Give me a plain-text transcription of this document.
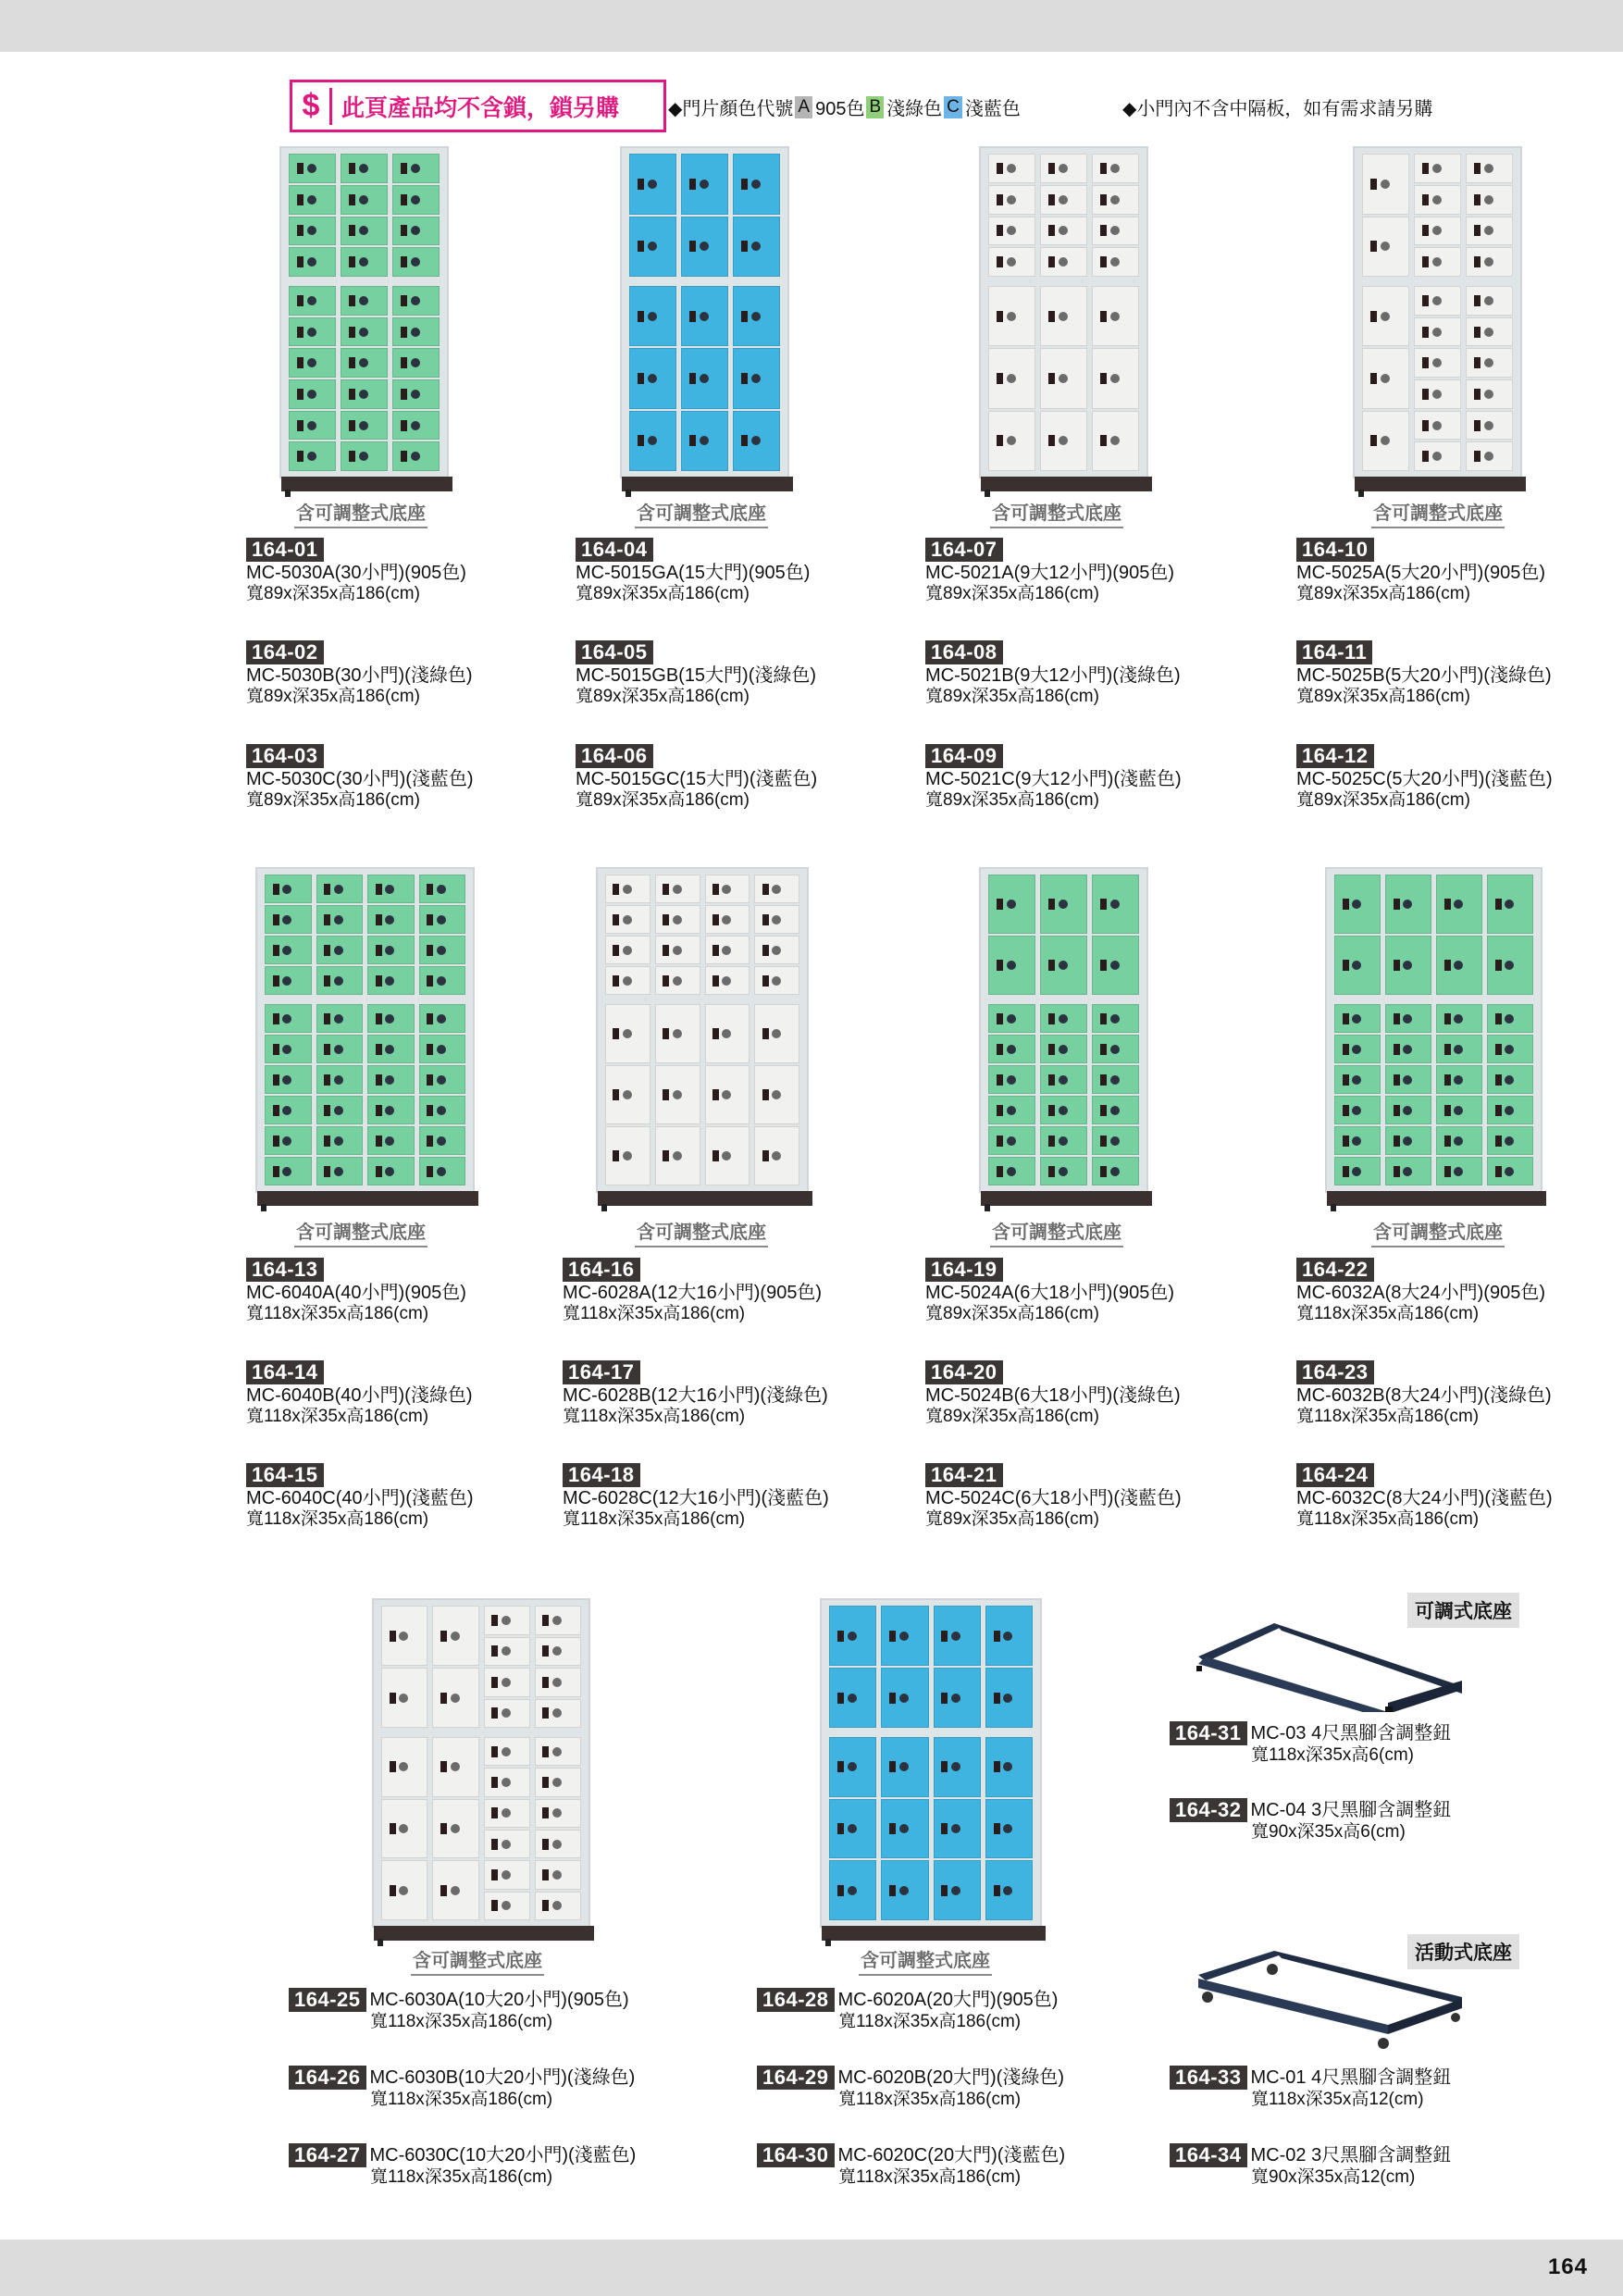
$ 此頁產品均不含鎖，鎖另購	◆門片顏色代號 A 905色 B 淺綠色 C 淺藍色	◆小門內不含中隔板，如有需求請另購
含可調整式底座	含可調整式底座	含可調整式底座	含可調整式底座
含可調整式底座	含可調整式底座	含可調整式底座	含可調整式底座
含可調整式底座	含可調整式底座
164-01
MC-5030A(30小門)(905色)
寬89x深35x高186(cm)
164-02
MC-5030B(30小門)(淺綠色)
寬89x深35x高186(cm)
164-03
MC-5030C(30小門)(淺藍色)
寬89x深35x高186(cm)
164-04
MC-5015GA(15大門)(905色)
寬89x深35x高186(cm)
164-05
MC-5015GB(15大門)(淺綠色)
寬89x深35x高186(cm)
164-06
MC-5015GC(15大門)(淺藍色)
寬89x深35x高186(cm)
164-07
MC-5021A(9大12小門)(905色)
寬89x深35x高186(cm)
164-08
MC-5021B(9大12小門)(淺綠色)
寬89x深35x高186(cm)
164-09
MC-5021C(9大12小門)(淺藍色)
寬89x深35x高186(cm)
164-10
MC-5025A(5大20小門)(905色)
寬89x深35x高186(cm)
164-11
MC-5025B(5大20小門)(淺綠色)
寬89x深35x高186(cm)
164-12
MC-5025C(5大20小門)(淺藍色)
寬89x深35x高186(cm)
164-13
MC-6040A(40小門)(905色)
寬118x深35x高186(cm)
164-14
MC-6040B(40小門)(淺綠色)
寬118x深35x高186(cm)
164-15
MC-6040C(40小門)(淺藍色)
寬118x深35x高186(cm)
164-16
MC-6028A(12大16小門)(905色)
寬118x深35x高186(cm)
164-17
MC-6028B(12大16小門)(淺綠色)
寬118x深35x高186(cm)
164-18
MC-6028C(12大16小門)(淺藍色)
寬118x深35x高186(cm)
164-19
MC-5024A(6大18小門)(905色)
寬89x深35x高186(cm)
164-20
MC-5024B(6大18小門)(淺綠色)
寬89x深35x高186(cm)
164-21
MC-5024C(6大18小門)(淺藍色)
寬89x深35x高186(cm)
164-22
MC-6032A(8大24小門)(905色)
寬118x深35x高186(cm)
164-23
MC-6032B(8大24小門)(淺綠色)
寬118x深35x高186(cm)
164-24
MC-6032C(8大24小門)(淺藍色)
寬118x深35x高186(cm)
164-25 MC-6030A(10大20小門)(905色)
寬118x深35x高186(cm)
164-26 MC-6030B(10大20小門)(淺綠色)
寬118x深35x高186(cm)
164-27 MC-6030C(10大20小門)(淺藍色)
寬118x深35x高186(cm)
164-28 MC-6020A(20大門)(905色)
寬118x深35x高186(cm)
164-29 MC-6020B(20大門)(淺綠色)
寬118x深35x高186(cm)
164-30 MC-6020C(20大門)(淺藍色)
寬118x深35x高186(cm)
可調式底座
164-31 MC-03 4尺黑腳含調整鈕
寬118x深35x高6(cm)
164-32 MC-04 3尺黑腳含調整鈕
寬90x深35x高6(cm)
活動式底座
164-33 MC-01 4尺黑腳含調整鈕
寬118x深35x高12(cm)
164-34 MC-02 3尺黑腳含調整鈕
寬90x深35x高12(cm)
164
